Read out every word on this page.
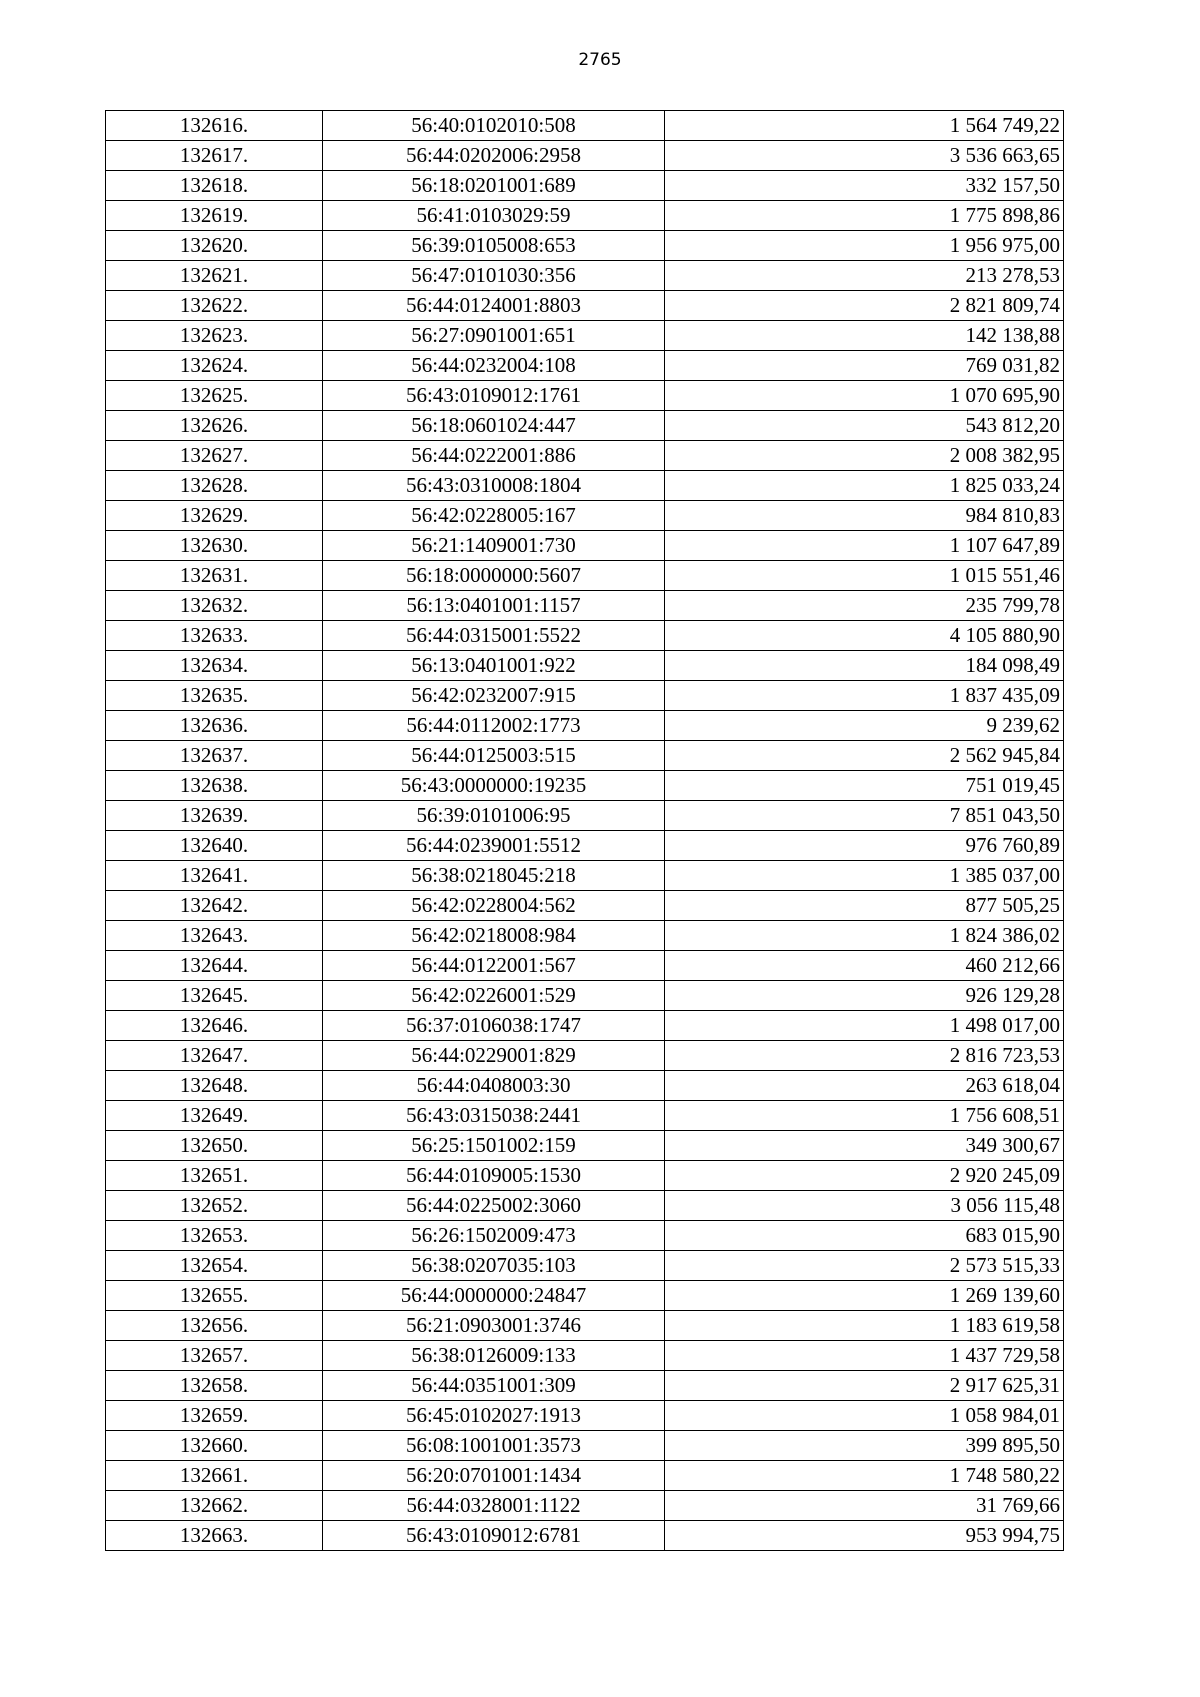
2765
132616.	56:40:0102010:508	1 564 749,22
132617.	56:44:0202006:2958	3 536 663,65
132618.	56:18:0201001:689	332 157,50
132619.	56:41:0103029:59	1 775 898,86
132620.	56:39:0105008:653	1 956 975,00
132621.	56:47:0101030:356	213 278,53
132622.	56:44:0124001:8803	2 821 809,74
132623.	56:27:0901001:651	142 138,88
132624.	56:44:0232004:108	769 031,82
132625.	56:43:0109012:1761	1 070 695,90
132626.	56:18:0601024:447	543 812,20
132627.	56:44:0222001:886	2 008 382,95
132628.	56:43:0310008:1804	1 825 033,24
132629.	56:42:0228005:167	984 810,83
132630.	56:21:1409001:730	1 107 647,89
132631.	56:18:0000000:5607	1 015 551,46
132632.	56:13:0401001:1157	235 799,78
132633.	56:44:0315001:5522	4 105 880,90
132634.	56:13:0401001:922	184 098,49
132635.	56:42:0232007:915	1 837 435,09
132636.	56:44:0112002:1773	9 239,62
132637.	56:44:0125003:515	2 562 945,84
132638.	56:43:0000000:19235	751 019,45
132639.	56:39:0101006:95	7 851 043,50
132640.	56:44:0239001:5512	976 760,89
132641.	56:38:0218045:218	1 385 037,00
132642.	56:42:0228004:562	877 505,25
132643.	56:42:0218008:984	1 824 386,02
132644.	56:44:0122001:567	460 212,66
132645.	56:42:0226001:529	926 129,28
132646.	56:37:0106038:1747	1 498 017,00
132647.	56:44:0229001:829	2 816 723,53
132648.	56:44:0408003:30	263 618,04
132649.	56:43:0315038:2441	1 756 608,51
132650.	56:25:1501002:159	349 300,67
132651.	56:44:0109005:1530	2 920 245,09
132652.	56:44:0225002:3060	3 056 115,48
132653.	56:26:1502009:473	683 015,90
132654.	56:38:0207035:103	2 573 515,33
132655.	56:44:0000000:24847	1 269 139,60
132656.	56:21:0903001:3746	1 183 619,58
132657.	56:38:0126009:133	1 437 729,58
132658.	56:44:0351001:309	2 917 625,31
132659.	56:45:0102027:1913	1 058 984,01
132660.	56:08:1001001:3573	399 895,50
132661.	56:20:0701001:1434	1 748 580,22
132662.	56:44:0328001:1122	31 769,66
132663.	56:43:0109012:6781	953 994,75
